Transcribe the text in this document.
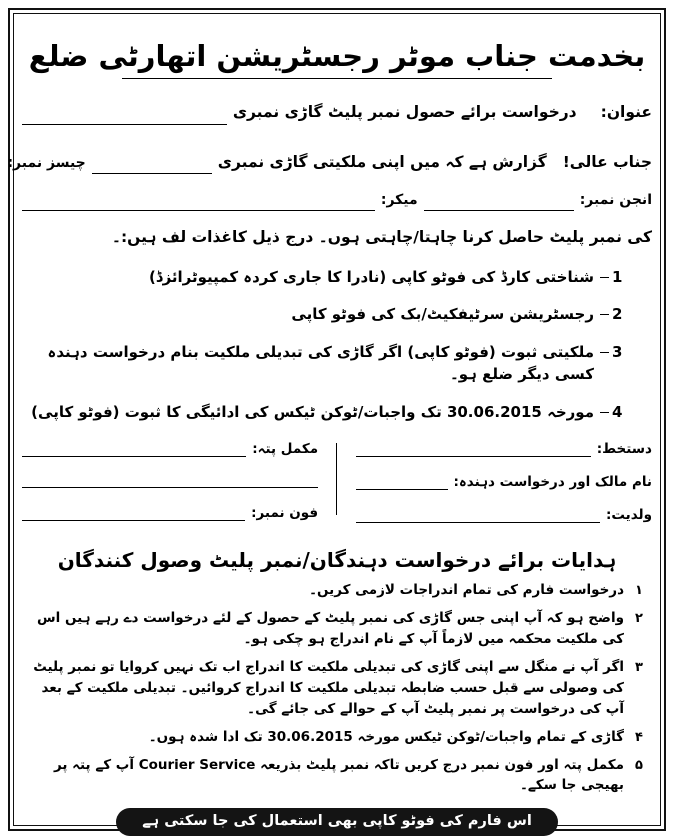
بخدمت جناب موٹر رجسٹریشن اتھارٹی ضلع
عنوان:
درخواست برائے حصول نمبر پلیٹ گاڑی نمبری
جناب عالی!
گزارش ہے کہ میں اپنی ملکیتی گاڑی نمبری
چیسز نمبر:
انجن نمبر:
میکر:
کی نمبر پلیٹ حاصل کرنا چاہتا/چاہتی ہوں۔ درج ذیل کاغذات لف ہیں:۔
1
شناختی کارڈ کی فوٹو کاپی (نادرا کا جاری کردہ کمپیوٹرائزڈ)
2
رجسٹریشن سرٹیفکیٹ/بک کی فوٹو کاپی
3
ملکیتی ثبوت (فوٹو کاپی) اگر گاڑی کی تبدیلی ملکیت بنام درخواست دہندہ کسی دیگر ضلع ہو۔
4
مورخہ 30.06.2015 تک واجبات/ٹوکن ٹیکس کی ادائیگی کا ثبوت (فوٹو کاپی)
دستخط:
نام مالک اور درخواست دہندہ:
ولدیت:
مکمل پتہ:
فون نمبر:
ہدایات برائے درخواست دہندگان/نمبر پلیٹ وصول کنندگان
۱
درخواست فارم کی تمام اندراجات لازمی کریں۔
۲
واضح ہو کہ آپ اپنی جس گاڑی کی نمبر پلیٹ کے حصول کے لئے درخواست دے رہے ہیں اس کی ملکیت محکمہ میں لازماً آپ کے نام اندراج ہو چکی ہو۔
۳
اگر آپ نے منگل سے اپنی گاڑی کی تبدیلی ملکیت کا اندراج اب تک نہیں کروایا تو نمبر پلیٹ کی وصولی سے قبل حسب ضابطہ تبدیلی ملکیت کا اندراج کروائیں۔ تبدیلی ملکیت کے بعد آپ کی درخواست پر نمبر پلیٹ آپ کے حوالے کی جائے گی۔
۴
گاڑی کے تمام واجبات/ٹوکن ٹیکس مورخہ 30.06.2015 تک ادا شدہ ہوں۔
۵
مکمل پتہ اور فون نمبر درج کریں تاکہ نمبر پلیٹ بذریعہ Courier Service آپ کے پتہ پر بھیجی جا سکے۔
اس فارم کی فوٹو کاپی بھی استعمال کی جا سکتی ہے
